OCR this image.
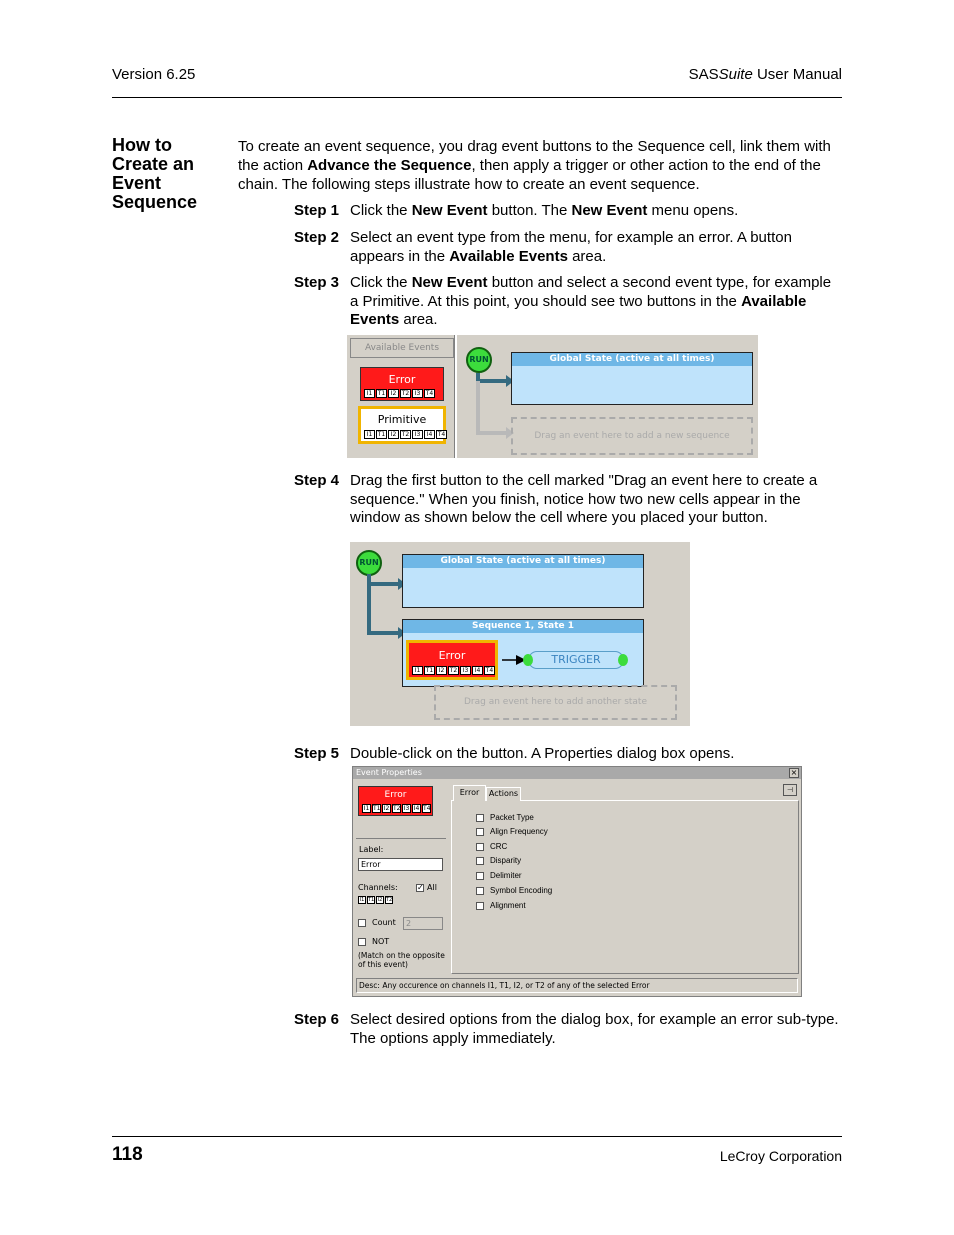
Version 6.25	SASSuite User Manual
How to Create an Event Sequence
To create an event sequence, you drag event buttons to the Sequence cell, link them with the action Advance the Sequence, then apply a trigger or other action to the end of the chain. The following steps illustrate how to create an event sequence.
Step 1 Click the New Event button. The New Event menu opens.
Step 2 Select an event type from the menu, for example an error. A button appears in the Available Events area.
Step 3 Click the New Event button and select a second event type, for example a Primitive. At this point, you should see two buttons in the Available Events area.
Available Events
Error
I1 T1 I2 T2 I3 T4
Primitive
I1 T1 I2 T2 I3	I4 T4
RUN	Global State (active at all times)
Drag an event here to add a new sequence
Step 4 Drag the first button to the cell marked "Drag an event here to create a sequence." When you finish, notice how two new cells appear in the window as shown below the cell where you placed your button.
RUN	Global State (active at all times)
Sequence 1, State 1
Error
I1 T1 I2 T2 I3	I4 T4
TRIGGER
Drag an event here to add another state
Step 5 Double-click on the button. A Properties dialog box opens.
Event Properties	×
Error
I1 T1 I2 T2 I3 I4 T4
Label:
Error
Channels: ✓ All
I1 T1 I2 T2
Count	2
NOT
(Match on the opposite of this event)
Error	Actions	⊣
Packet Type
Align Frequency
CRC
Disparity
Delimiter
Symbol Encoding
Alignment
Desc: Any occurence on channels I1, T1, I2, or T2 of any of the selected Error
Step 6 Select desired options from the dialog box, for example an error sub-type. The options apply immediately.
118	LeCroy Corporation
